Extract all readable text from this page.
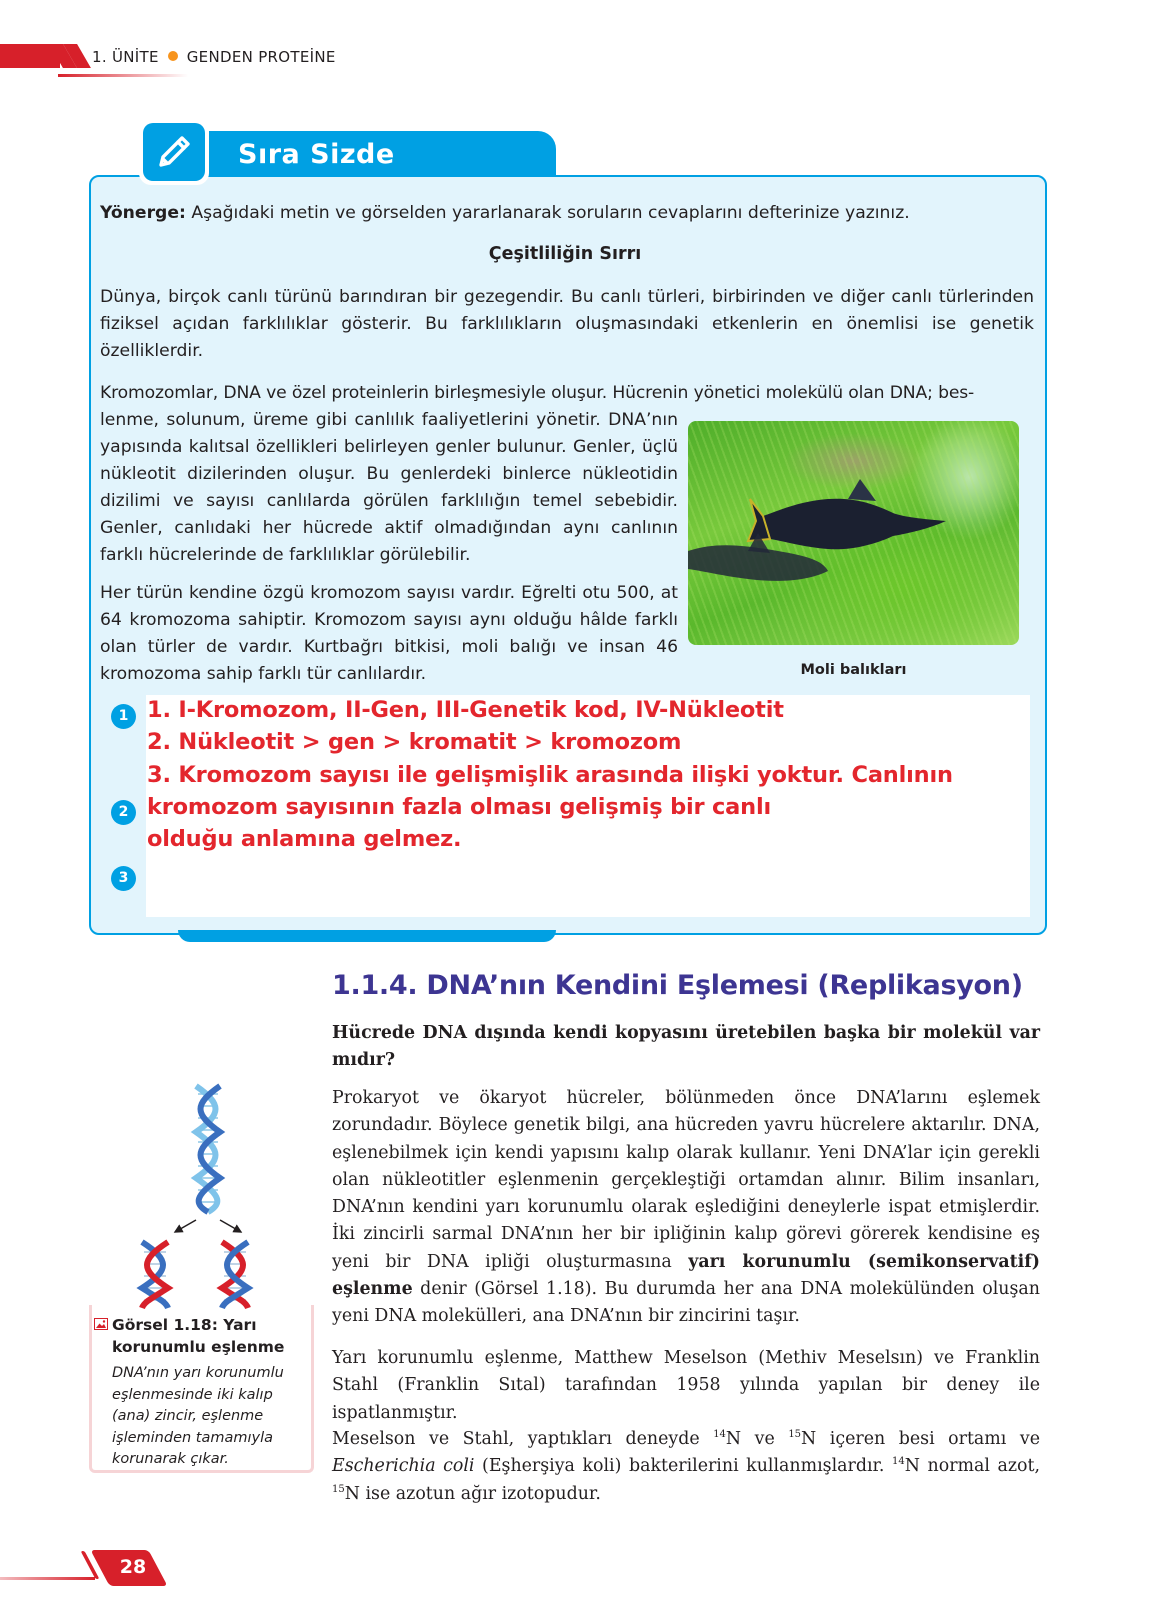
1. ÜNİTE GENDEN PROTEİNE
Sıra Sizde
Yönerge: Aşağıdaki metin ve görselden yararlanarak soruların cevaplarını defterinize yazınız.
Çeşitliliğin Sırrı
Dünya, birçok canlı türünü barındıran bir gezegendir. Bu canlı türleri, birbirinden ve diğer canlı türlerinden fiziksel açıdan farklılıklar gösterir. Bu farklılıkların oluşmasındaki etkenlerin en önemlisi ise genetik özelliklerdir.
Kromozomlar, DNA ve özel proteinlerin birleşmesiyle oluşur. Hücrenin yönetici molekülü olan DNA; bes-
lenme, solunum, üreme gibi canlılık faaliyetlerini yönetir. DNA’nın yapısında kalıtsal özellikleri belirleyen genler bulunur. Genler, üçlü nükleotit dizilerinden oluşur. Bu genlerdeki binlerce nükleotidin dizilimi ve sayısı canlılarda görülen farklılığın temel sebebidir. Genler, canlıdaki her hücrede aktif olmadığından aynı canlının farklı hücrelerinde de farklılıklar görülebilir.
Her türün kendine özgü kromozom sayısı vardır. Eğrelti otu 500, at 64 kromozoma sahiptir. Kromozom sayısı aynı olduğu hâlde farklı olan türler de vardır. Kurtbağrı bitkisi, moli balığı ve insan 46 kromozoma sahip farklı tür canlılardır.	Moli balıkları
1
2
3
1. I-Kromozom, II-Gen, III-Genetik kod, IV-Nükleotit
2. Nükleotit > gen > kromatit > kromozom
3. Kromozom sayısı ile gelişmişlik arasında ilişki yoktur. Canlının
kromozom sayısının fazla olması gelişmiş bir canlı
olduğu anlamına gelmez.
1.1.4. DNA’nın Kendini Eşlemesi (Replikasyon)
Hücrede DNA dışında kendi kopyasını üretebilen başka bir molekül var mıdır?
Prokaryot ve ökaryot hücreler, bölünmeden önce DNA’larını eşlemek zorundadır. Böylece genetik bilgi, ana hücreden yavru hücrelere aktarılır. DNA, eşlenebilmek için kendi yapısını kalıp olarak kullanır. Yeni DNA’lar için gerekli olan nükleotitler eşlenmenin gerçekleştiği ortamdan alınır. Bilim insanları, DNA’nın kendini yarı korunumlu olarak eşlediğini deneylerle ispat etmişlerdir. İki zincirli sarmal DNA’nın her bir ipliğinin kalıp görevi görerek kendisine eş yeni bir DNA ipliği oluşturmasına yarı korunumlu (semikonservatif) eşlenme denir (Görsel 1.18). Bu durumda her ana DNA molekülünden oluşan yeni DNA molekülleri, ana DNA’nın bir zincirini taşır.
Yarı korunumlu eşlenme, Matthew Meselson (Methiv Meselsın) ve Franklin Stahl (Franklin Sıtal) tarafından 1958 yılında yapılan bir deney ile ispatlanmıştır.
Meselson ve Stahl, yaptıkları deneyde $^{14}$N ve $^{15}$N içeren besi ortamı ve Escherichia coli (Eşherşiya koli) bakterilerini kullanmışlardır. $^{14}$N normal azot, $^{15}$N ise azotun ağır izotopudur.
Görsel 1.18: Yarı korunumlu eşlenme
DNA’nın yarı korunumlu eşlenmesinde iki kalıp (ana) zincir, eşlenme işleminden tamamıyla korunarak çıkar.
28
